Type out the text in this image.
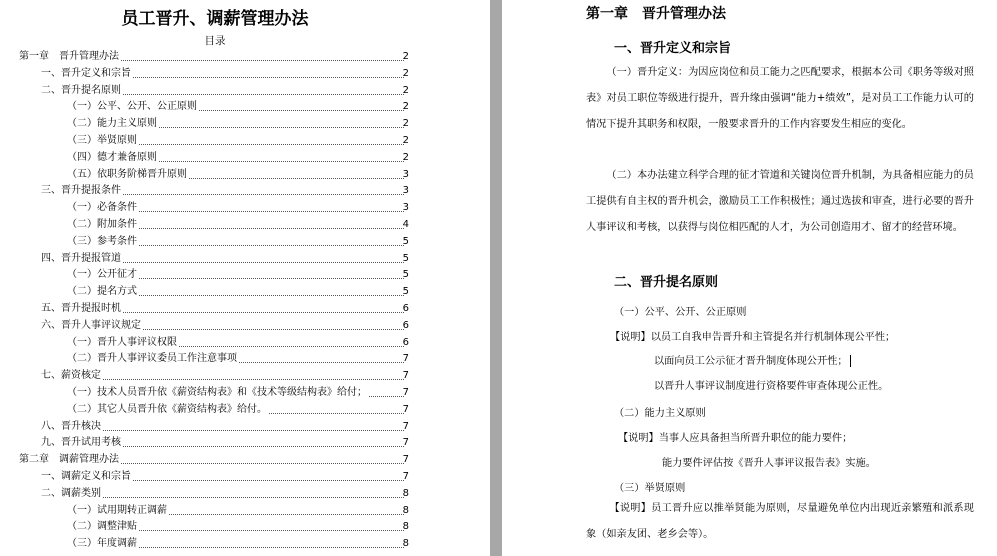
员工晋升、调薪管理办法
目录
第一章　晋升管理办法	2
一、晋升定义和宗旨	2
二、晋升提名原则	2
（一）公平、公开、公正原则	2
（二）能力主义原则	2
（三）举贤原则	2
（四）德才兼备原则	2
（五）依职务阶梯晋升原则	3
三、晋升提报条件	3
（一）必备条件	3
（二）附加条件	4
（三）参考条件	5
四、晋升提报管道	5
（一）公开征才	5
（二）提名方式	5
五、晋升提报时机	6
六、晋升人事评议规定	6
（一）晋升人事评议权限	6
（二）晋升人事评议委员工作注意事项	7
七、薪资核定	7
（一）技术人员晋升依《薪资结构表》和《技术等级结构表》给付；	7
（二）其它人员晋升依《薪资结构表》给付。	7
八、晋升核决	7
九、晋升试用考核	7
第二章　调薪管理办法	7
一、调薪定义和宗旨	7
二、调薪类别	8
（一）试用期转正调薪	8
（二）调整津贴	8
（三）年度调薪	8
第一章　晋升管理办法
一、晋升定义和宗旨

（一）晋升定义：为因应岗位和员工能力之匹配要求，根据本公司《职务等级对照表》对员工职位等级进行提升，晋升缘由强调“能力+绩效”，是对员工工作能力认可的情况下提升其职务和权限，一般要求晋升的工作内容要发生相应的变化。

（二）本办法建立科学合理的征才管道和关键岗位晋升机制，为具备相应能力的员工提供有自主权的晋升机会，激励员工工作积极性；通过选拔和审查，进行必要的晋升人事评议和考核，以获得与岗位相匹配的人才，为公司创造用才、留才的经营环境。

二、晋升提名原则
（一）公平、公开、公正原则
【说明】以员工自我申告晋升和主管提名并行机制体现公平性；
以面向员工公示征才晋升制度体现公开性；
以晋升人事评议制度进行资格要件审查体现公正性。
（二）能力主义原则
【说明】当事人应具备担当所晋升职位的能力要件；
能力要件评估按《晋升人事评议报告表》实施。
（三）举贤原则

【说明】员工晋升应以推举贤能为原则，尽量避免单位内出现近亲繁殖和派系现象（如亲友团、老乡会等）。
